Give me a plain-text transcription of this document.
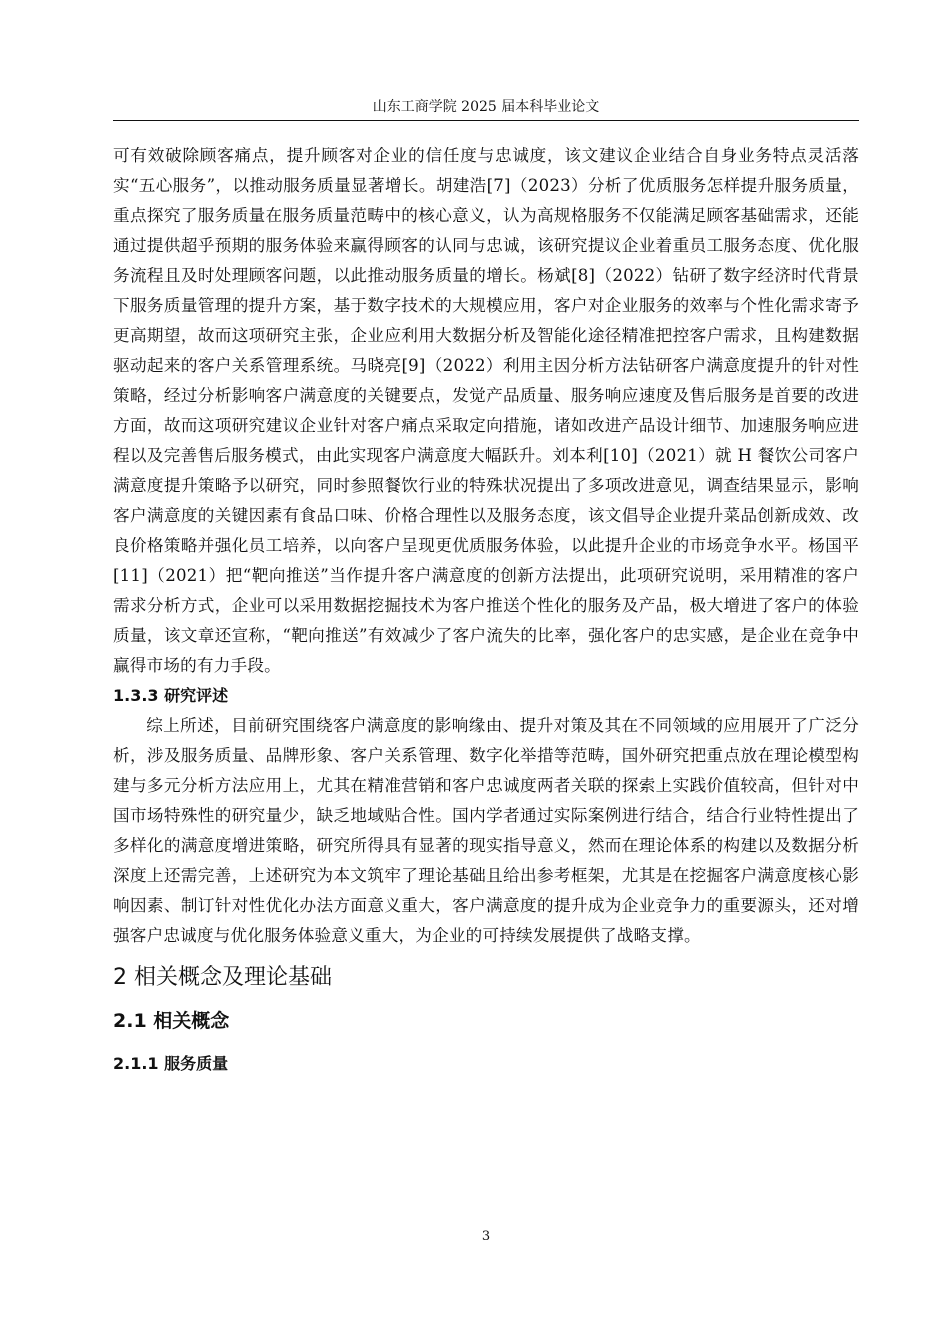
山东工商学院 2025 届本科毕业论文

可有效破除顾客痛点，提升顾客对企业的信任度与忠诚度，该文建议企业结合自身业务特点灵活落实“五心服务”，以推动服务质量显著增长。胡建浩[7]（2023）分析了优质服务怎样提升服务质量，重点探究了服务质量在服务质量范畴中的核心意义，认为高规格服务不仅能满足顾客基础需求，还能通过提供超乎预期的服务体验来赢得顾客的认同与忠诚，该研究提议企业着重员工服务态度、优化服务流程且及时处理顾客问题，以此推动服务质量的增长。杨斌[8]（2022）钻研了数字经济时代背景下服务质量管理的提升方案，基于数字技术的大规模应用，客户对企业服务的效率与个性化需求寄予更高期望，故而这项研究主张，企业应利用大数据分析及智能化途径精准把控客户需求，且构建数据驱动起来的客户关系管理系统。马晓亮[9]（2022）利用主因分析方法钻研客户满意度提升的针对性策略，经过分析影响客户满意度的关键要点，发觉产品质量、服务响应速度及售后服务是首要的改进方面，故而这项研究建议企业针对客户痛点采取定向措施，诸如改进产品设计细节、加速服务响应进程以及完善售后服务模式，由此实现客户满意度大幅跃升。刘本利[10]（2021）就 H 餐饮公司客户满意度提升策略予以研究，同时参照餐饮行业的特殊状况提出了多项改进意见，调查结果显示，影响客户满意度的关键因素有食品口味、价格合理性以及服务态度，该文倡导企业提升菜品创新成效、改良价格策略并强化员工培养，以向客户呈现更优质服务体验，以此提升企业的市场竞争水平。杨国平[11]（2021）把“靶向推送”当作提升客户满意度的创新方法提出，此项研究说明，采用精准的客户需求分析方式，企业可以采用数据挖掘技术为客户推送个性化的服务及产品，极大增进了客户的体验质量，该文章还宣称，“靶向推送”有效减少了客户流失的比率，强化客户的忠实感，是企业在竞争中赢得市场的有力手段。

1.3.3 研究评述

综上所述，目前研究围绕客户满意度的影响缘由、提升对策及其在不同领域的应用展开了广泛分析，涉及服务质量、品牌形象、客户关系管理、数字化举措等范畴，国外研究把重点放在理论模型构建与多元分析方法应用上，尤其在精准营销和客户忠诚度两者关联的探索上实践价值较高，但针对中国市场特殊性的研究量少，缺乏地域贴合性。国内学者通过实际案例进行结合，结合行业特性提出了多样化的满意度增进策略，研究所得具有显著的现实指导意义，然而在理论体系的构建以及数据分析深度上还需完善，上述研究为本文筑牢了理论基础且给出参考框架，尤其是在挖掘客户满意度核心影响因素、制订针对性优化办法方面意义重大，客户满意度的提升成为企业竞争力的重要源头，还对增强客户忠诚度与优化服务体验意义重大，为企业的可持续发展提供了战略支撑。

2 相关概念及理论基础
2.1 相关概念
2.1.1 服务质量
3
